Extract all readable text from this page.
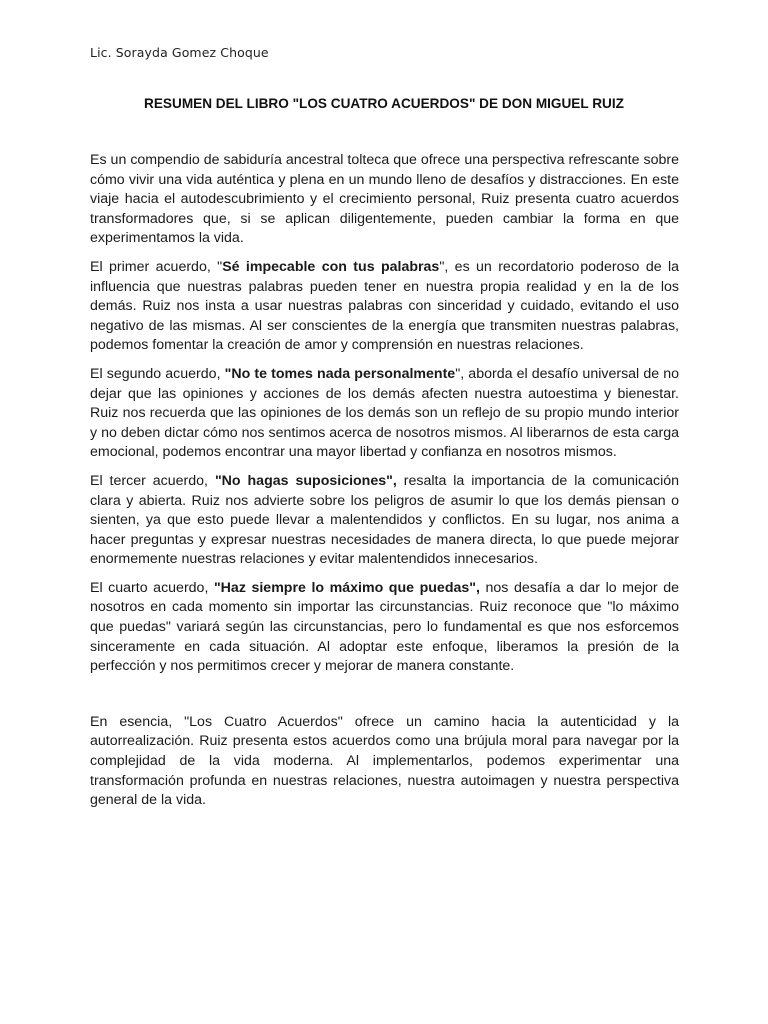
Lic. Sorayda Gomez Choque
RESUMEN DEL LIBRO "LOS CUATRO ACUERDOS" DE DON MIGUEL RUIZ

Es un compendio de sabiduría ancestral tolteca que ofrece una perspectiva refrescante sobre cómo vivir una vida auténtica y plena en un mundo lleno de desafíos y distracciones. En este viaje hacia el autodescubrimiento y el crecimiento personal, Ruiz presenta cuatro acuerdos transformadores que, si se aplican diligentemente, pueden cambiar la forma en que experimentamos la vida.

El primer acuerdo, "Sé impecable con tus palabras", es un recordatorio poderoso de la influencia que nuestras palabras pueden tener en nuestra propia realidad y en la de los demás. Ruiz nos insta a usar nuestras palabras con sinceridad y cuidado, evitando el uso negativo de las mismas. Al ser conscientes de la energía que transmiten nuestras palabras, podemos fomentar la creación de amor y comprensión en nuestras relaciones.

El segundo acuerdo, "No te tomes nada personalmente", aborda el desafío universal de no dejar que las opiniones y acciones de los demás afecten nuestra autoestima y bienestar. Ruiz nos recuerda que las opiniones de los demás son un reflejo de su propio mundo interior y no deben dictar cómo nos sentimos acerca de nosotros mismos. Al liberarnos de esta carga emocional, podemos encontrar una mayor libertad y confianza en nosotros mismos.

El tercer acuerdo, "No hagas suposiciones", resalta la importancia de la comunicación clara y abierta. Ruiz nos advierte sobre los peligros de asumir lo que los demás piensan o sienten, ya que esto puede llevar a malentendidos y conflictos. En su lugar, nos anima a hacer preguntas y expresar nuestras necesidades de manera directa, lo que puede mejorar enormemente nuestras relaciones y evitar malentendidos innecesarios.

El cuarto acuerdo, "Haz siempre lo máximo que puedas", nos desafía a dar lo mejor de nosotros en cada momento sin importar las circunstancias. Ruiz reconoce que "lo máximo que puedas" variará según las circunstancias, pero lo fundamental es que nos esforcemos sinceramente en cada situación. Al adoptar este enfoque, liberamos la presión de la perfección y nos permitimos crecer y mejorar de manera constante.

En esencia, "Los Cuatro Acuerdos" ofrece un camino hacia la autenticidad y la autorrealización. Ruiz presenta estos acuerdos como una brújula moral para navegar por la complejidad de la vida moderna. Al implementarlos, podemos experimentar una transformación profunda en nuestras relaciones, nuestra autoimagen y nuestra perspectiva general de la vida.
